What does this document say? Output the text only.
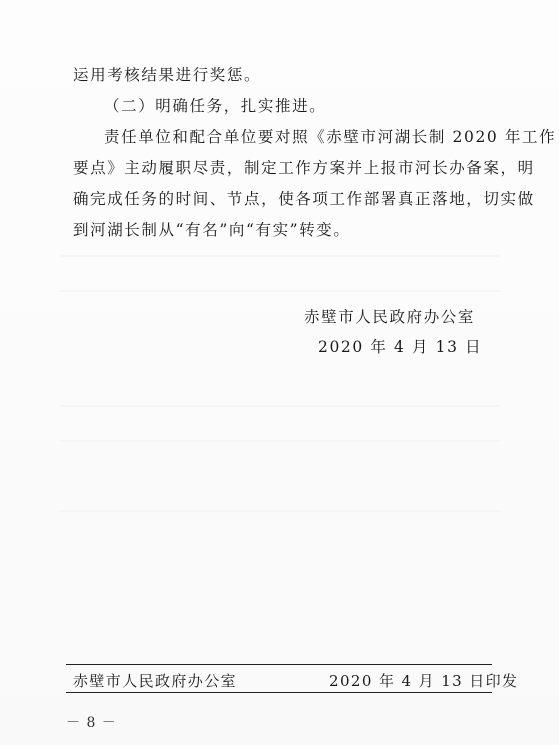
运用考核结果进行奖惩。
（二）明确任务，扎实推进。
责任单位和配合单位要对照《赤壁市河湖长制 2020 年工作
要点》主动履职尽责，制定工作方案并上报市河长办备案，明
确完成任务的时间、节点，使各项工作部署真正落地，切实做
到河湖长制从“有名”向“有实”转变。
赤壁市人民政府办公室
2020 年 4 月 13 日
赤壁市人民政府办公室	2020 年 4 月 13 日印发
－ 8 －
